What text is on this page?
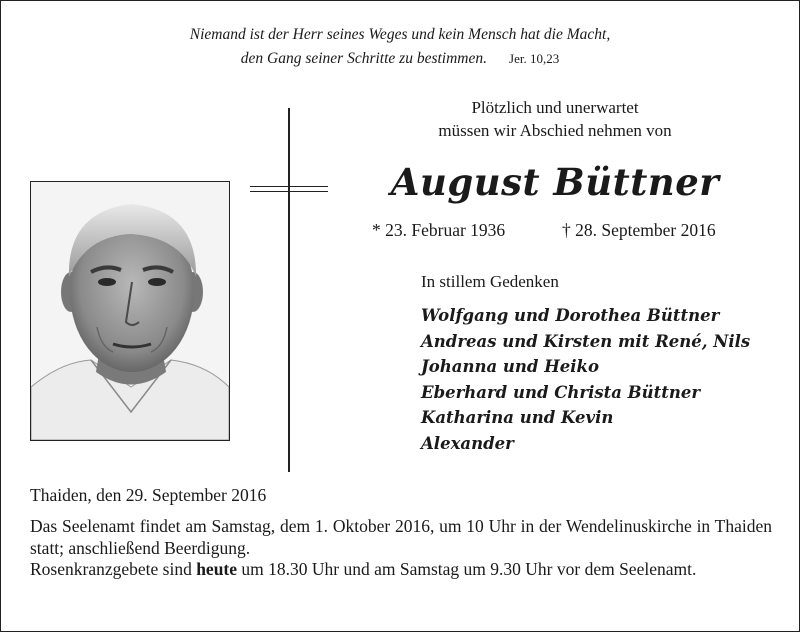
Niemand ist der Herr seines Weges und kein Mensch hat die Macht,
den Gang seiner Schritte zu bestimmen. Jer. 10,23
Plötzlich und unerwartet
müssen wir Abschied nehmen von
August Büttner
* 23. Februar 1936	† 28. September 2016
In stillem Gedenken
Wolfgang und Dorothea Büttner
Andreas und Kirsten mit René, Nils
Johanna und Heiko
Eberhard und Christa Büttner
Katharina und Kevin
Alexander
Thaiden, den 29. September 2016

Das Seelenamt findet am Samstag, dem 1. Oktober 2016, um 10 Uhr in der Wendelinuskirche in Thaiden statt; anschließend Beerdigung.

Rosenkranzgebete sind heute um 18.30 Uhr und am Samstag um 9.30 Uhr vor dem Seelenamt.
